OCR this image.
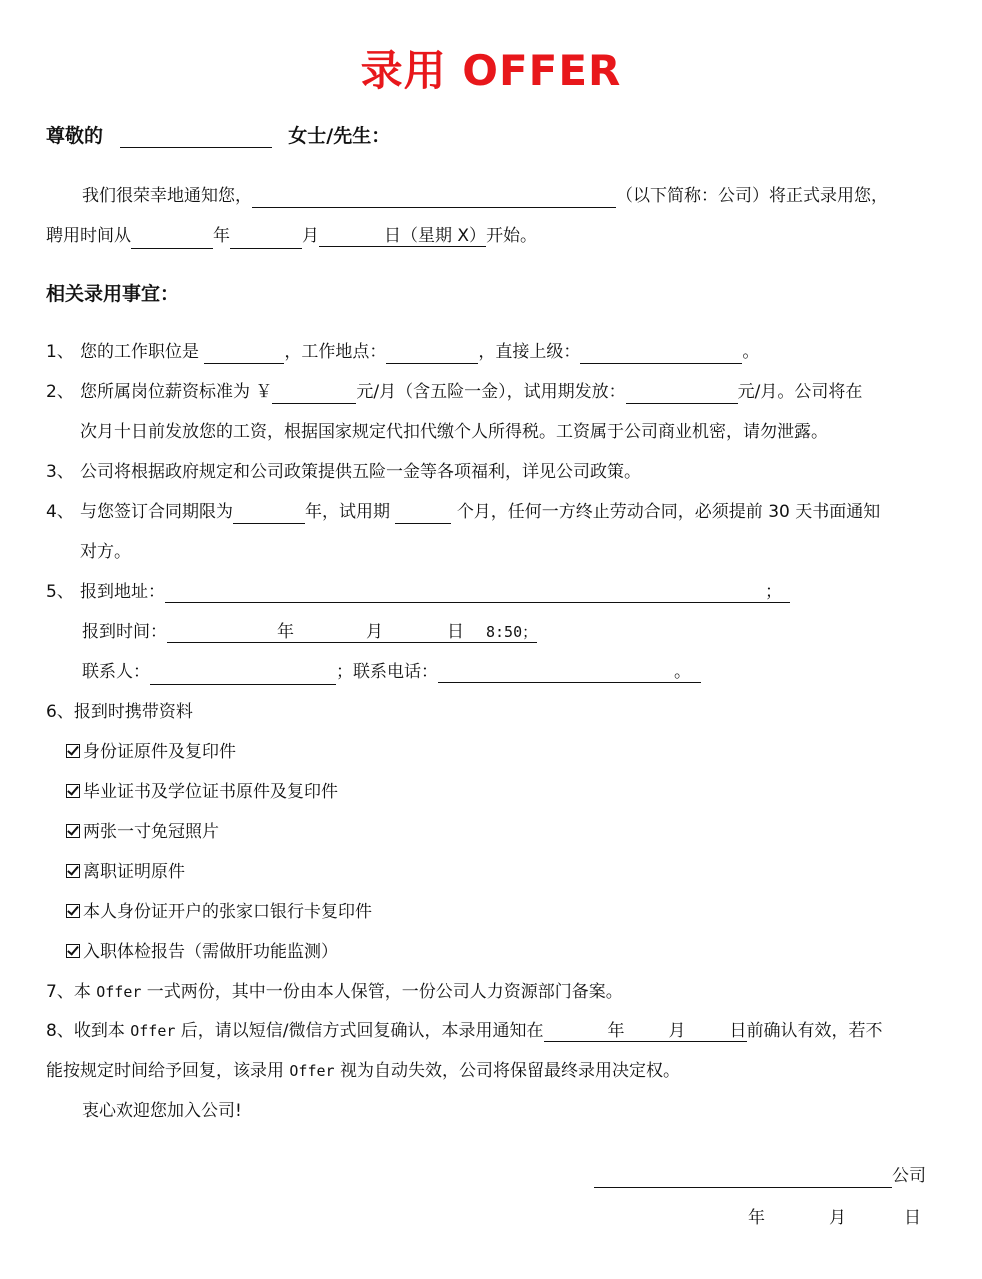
录用 OFFER
尊敬的	女士/先生：
我们很荣幸地通知您，	（以下简称：公司）将正式录用您，
聘用时间从	年	月	日（星期 X）开始。
相关录用事宜：
1、 您的工作职位是	，工作地点：	，直接上级：	。
2、 您所属岗位薪资标准为 ￥	元/月（含五险一金），试用期发放：	元/月。公司将在
次月十日前发放您的工资，根据国家规定代扣代缴个人所得税。工资属于公司商业机密，请勿泄露。
3、 公司将根据政府规定和公司政策提供五险一金等各项福利，详见公司政策。
4、 与您签订合同期限为	年，试用期	个月，任何一方终止劳动合同，必须提前 30 天书面通知
对方。
5、 报到地址：	；
报到时间：	年	月	日 8:50；
联系人：	；联系电话：	。
6、报到时携带资料
身份证原件及复印件
毕业证书及学位证书原件及复印件
两张一寸免冠照片
离职证明原件
本人身份证开户的张家口银行卡复印件
入职体检报告（需做肝功能监测）
7、本 Offer 一式两份，其中一份由本人保管，一份公司人力资源部门备案。
8、收到本 Offer 后，请以短信/微信方式回复确认，本录用通知在	年	月	日前确认有效，若不
能按规定时间给予回复，该录用 Offer 视为自动失效，公司将保留最终录用决定权。
衷心欢迎您加入公司!
公司
年	月	日
